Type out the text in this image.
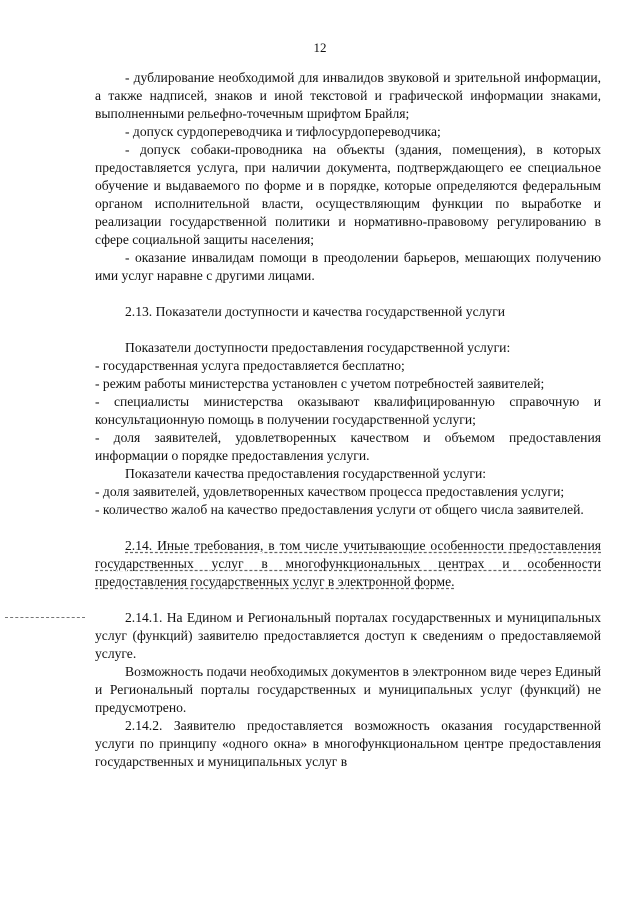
12

- дублирование необходимой для инвалидов звуковой и зрительной информации, а также надписей, знаков и иной текстовой и графической информации знаками, выполненными рельефно-точечным шрифтом Брайля;

- допуск сурдопереводчика и тифлосурдопереводчика;

- допуск собаки-проводника на объекты (здания, помещения), в которых предоставляется услуга, при наличии документа, подтверждающего ее специальное обучение и выдаваемого по форме и в порядке, которые определяются федеральным органом исполнительной власти, осуществляющим функции по выработке и реализации государственной политики и нормативно-правовому регулированию в сфере социальной защиты населения;

- оказание инвалидам помощи в преодолении барьеров, мешающих получению ими услуг наравне с другими лицами.

2.13. Показатели доступности и качества государственной услуги

Показатели доступности предоставления государственной услуги:

- государственная услуга предоставляется бесплатно;

- режим работы министерства установлен с учетом потребностей заявителей;

- специалисты министерства оказывают квалифицированную справочную и консультационную помощь в получении государственной услуги;

- доля заявителей, удовлетворенных качеством и объемом предоставления информации о порядке предоставления услуги.

Показатели качества предоставления государственной услуги:

- доля заявителей, удовлетворенных качеством процесса предоставления услуги;

- количество жалоб на качество предоставления услуги от общего числа заявителей.

2.14. Иные требования, в том числе учитывающие особенности предоставления государственных услуг в многофункциональных центрах и особенности предоставления государственных услуг в электронной форме.

2.14.1. На Едином и Региональный порталах государственных и муниципальных услуг (функций) заявителю предоставляется доступ к сведениям о предоставляемой услуге.

Возможность подачи необходимых документов в электронном виде через Единый и Региональный порталы государственных и муниципальных услуг (функций) не предусмотрено.

2.14.2. Заявителю предоставляется возможность оказания государственной услуги по принципу «одного окна» в многофункциональном центре предоставления государственных и муниципальных услуг в
